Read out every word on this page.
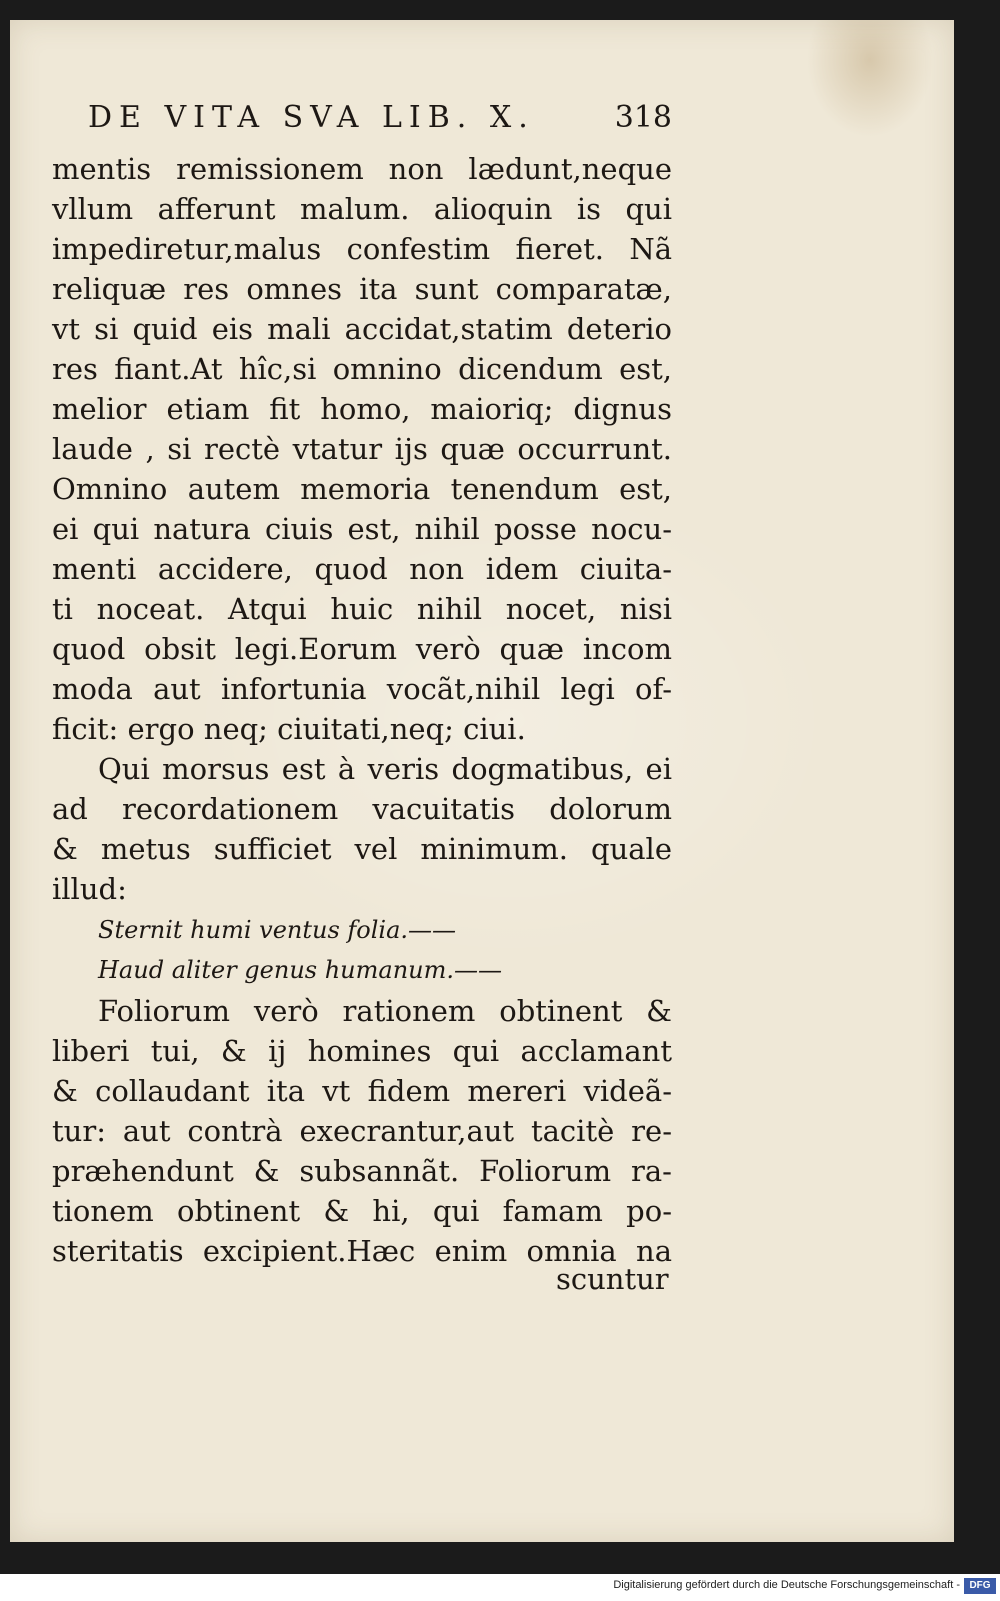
DE VITA SVA LIB. X.	318
mentis remissionem non lædunt,neque
vllum afferunt malum. alioquin is qui
impediretur,malus confestim fieret. Nã
reliquæ res omnes ita sunt comparatæ,
vt si quid eis mali accidat,statim deterio
res fiant.At hîc,si omnino dicendum est,
melior etiam fit homo, maioriq; dignus
laude , si rectè vtatur ijs quæ occurrunt.
Omnino autem memoria tenendum est,
ei qui natura ciuis est, nihil posse nocu-
menti accidere, quod non idem ciuita-
ti noceat. Atqui huic nihil nocet, nisi
quod obsit legi.Eorum verò quæ incom
moda aut infortunia vocãt,nihil legi of-
ficit: ergo neq; ciuitati,neq; ciui.
Qui morsus est à veris dogmatibus, ei
ad recordationem vacuitatis dolorum
& metus sufficiet vel minimum. quale
illud:
Sternit humi ventus folia.——
Haud aliter genus humanum.——
Foliorum verò rationem obtinent &
liberi tui, & ij homines qui acclamant
& collaudant ita vt fidem mereri videã-
tur: aut contrà execrantur,aut tacitè re-
præhendunt & subsannãt. Foliorum ra-
tionem obtinent & hi, qui famam po-
steritatis excipient.Hæc enim omnia na
scuntur
Digitalisierung gefördert durch die Deutsche Forschungsgemeinschaft - DFG
